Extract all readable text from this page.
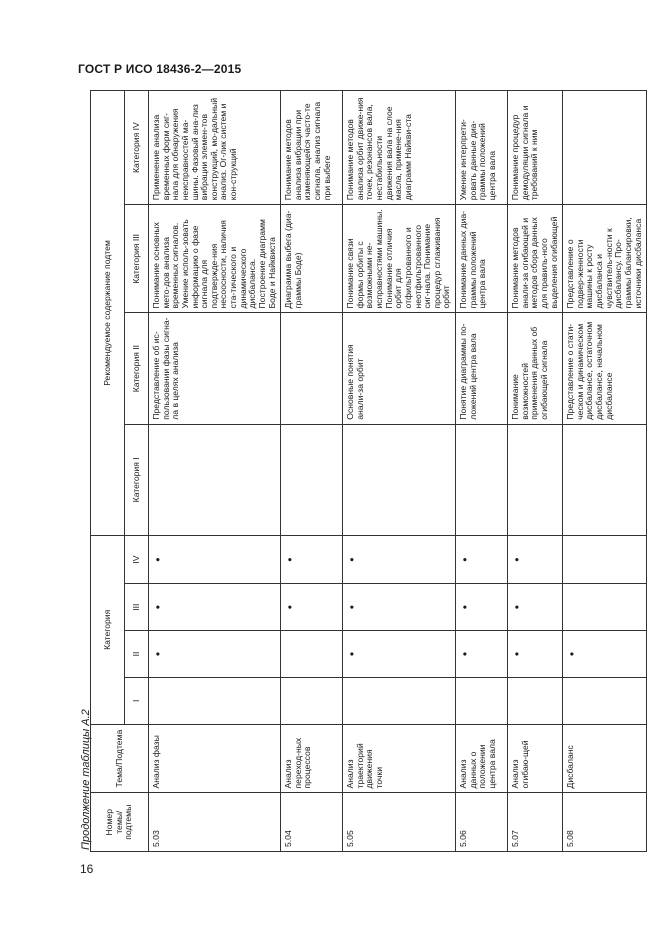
ГОСТ Р ИСО 18436-2—2015
Продолжение таблицы А.2 Номер темы/ подтемы	Тема/Подтема	Категория				Рекомендуемое содержание подтем			
		I	II	III	IV	Категория I	Категория II	Категория III	Категория IV

5.03	Анализ фазы		•	•	•		Представление об ис-пользовании фазы сигна-ла в целях анализа	Понимание основных мето-дов анализа временных сигналов. Умение исполь-зовать информацию о фазе сигнала для подтвержде-ния несоосности, наличия ста-тического и динамического дисбаланса. Построение диаграмм Боде и Найквиста	Применение анализа временных форм сиг-нала для обнаружения неисправностей ма-шины. Фазовый ана-лиз вибрации элемен-тов конструкций, мо-дальный анализ. Ог-лик систем и кон-струкций
5.04	Анализ переход-ных процессов			•	•			Диаграмма выбега (диа-граммы Боде)	Понимание методов анализа вибрации при изменяющейся часто-те сигнала, анализ сигнала при выбеге
5.05	Анализ траекторий движения точки		•	•	•		Основные понятия анали-за орбит	Понимание связи формы орбиты с возможными не-исправностями машины. Понимание отличия орбит для отфильтрованного и неотфильтрованного сиг-нала. Понимание процедур сглаживания орбит	Понимание методов анализа орбит движе-ния точек, резонансов вала, нестабильности движения вала на слое масла, примене-ния диаграмм Найкви-ста
5.06	Анализ данных о положении центра вала		•	•	•		Понятие диаграммы по-ложений центра вала	Понимание данных диа-граммы положений центра вала	Умение интерпрети-ровать данные диа-граммы положений центра вала
5.07	Анализ огибаю-щей		•	•	•		Понимание возможностей применения данных об огибающей сигнала	Понимание методов анали-за огибающей и методов сбора данных для правиль-ного выделения огибающей	Понимание процедур демодуляции сигнала и требований к ним
5.08	Дисбаланс		•				Представление о стати-ческом и динамическом дисбалансе, остаточном дисбалансе, начальном дисбалансе	Представление о подвер-женности машины к росту дисбаланса и чувствитель-ности к дисбалансу. Про-граммы балансировки, источники дисбаланса	
16
